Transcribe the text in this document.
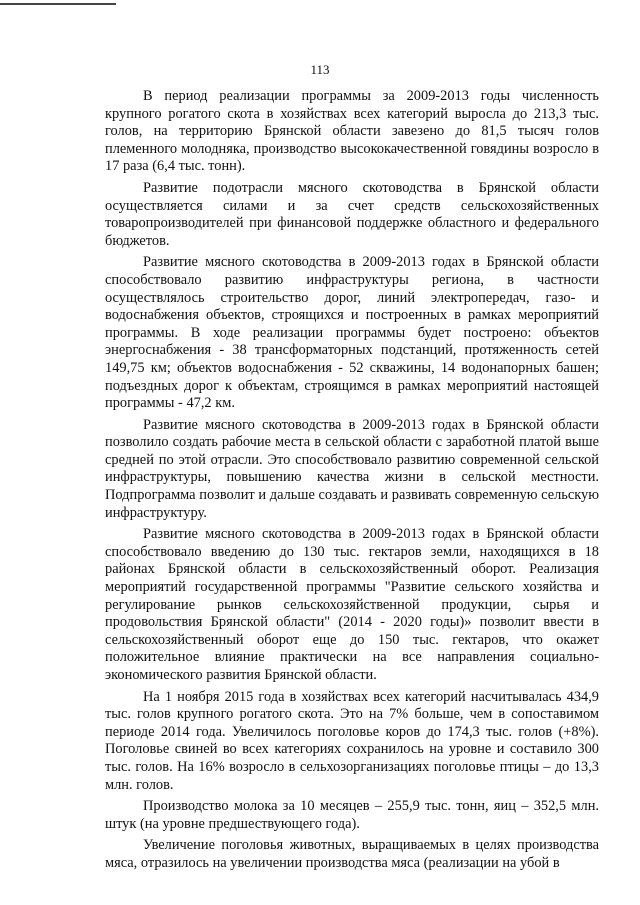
113

В период реализации программы за 2009-2013 годы численность крупного рогатого скота в хозяйствах всех категорий выросла до 213,3 тыс. голов, на территорию Брянской области завезено до 81,5 тысяч голов племенного молодняка, производство высококачественной говядины возросло в 17 раза (6,4 тыс. тонн).

Развитие подотрасли мясного скотоводства в Брянской области осуществляется силами и за счет средств сельскохозяйственных товаропроизводителей при финансовой поддержке областного и федерального бюджетов.

Развитие мясного скотоводства в 2009-2013 годах в Брянской области способствовало развитию инфраструктуры региона, в частности осуществлялось строительство дорог, линий электропередач, газо- и водоснабжения объектов, строящихся и построенных в рамках мероприятий программы. В ходе реализации программы будет построено: объектов энергоснабжения - 38 трансформаторных подстанций, протяженность сетей 149,75 км; объектов водоснабжения - 52 скважины, 14 водонапорных башен; подъездных дорог к объектам, строящимся в рамках мероприятий настоящей программы - 47,2 км.

Развитие мясного скотоводства в 2009-2013 годах в Брянской области позволило создать рабочие места в сельской области с заработной платой выше средней по этой отрасли. Это способствовало развитию современной сельской инфраструктуры, повышению качества жизни в сельской местности. Подпрограмма позволит и дальше создавать и развивать современную сельскую инфраструктуру.

Развитие мясного скотоводства в 2009-2013 годах в Брянской области способствовало введению до 130 тыс. гектаров земли, находящихся в 18 районах Брянской области в сельскохозяйственный оборот. Реализация мероприятий государственной программы "Развитие сельского хозяйства и регулирование рынков сельскохозяйственной продукции, сырья и продовольствия Брянской области" (2014 - 2020 годы)» позволит ввести в сельскохозяйственный оборот еще до 150 тыс. гектаров, что окажет положительное влияние практически на все направления социально-экономического развития Брянской области.

На 1 ноября 2015 года в хозяйствах всех категорий насчитывалась 434,9 тыс. голов крупного рогатого скота. Это на 7% больше, чем в сопоставимом периоде 2014 года. Увеличилось поголовье коров до 174,3 тыс. голов (+8%). Поголовье свиней во всех категориях сохранилось на уровне и составило 300 тыс. голов. На 16% возросло в сельхозорганизациях поголовье птицы – до 13,3 млн. голов.

Производство молока за 10 месяцев – 255,9 тыс. тонн, яиц – 352,5 млн. штук (на уровне предшествующего года).

Увеличение поголовья животных, выращиваемых в целях производства мяса, отразилось на увеличении производства мяса (реализации на убой в
